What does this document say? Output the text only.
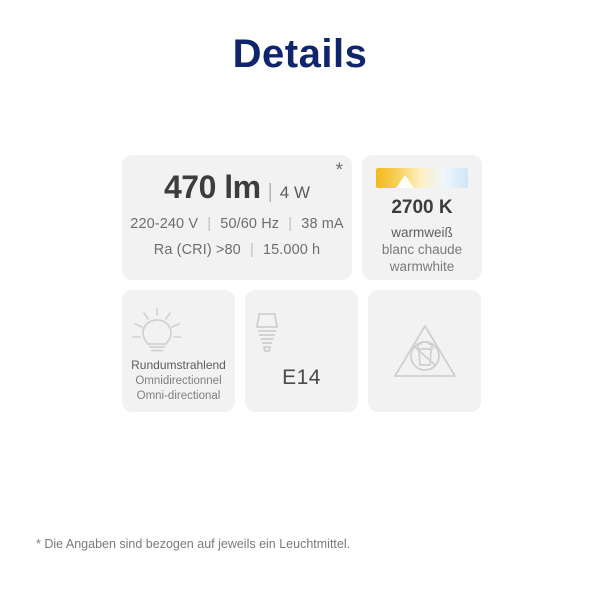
Details
*
470 lm | 4 W
220-240 V | 50/60 Hz | 38 mA
Ra (CRI) >80 | 15.000 h
2700 K
warmweiß
blanc chaude
warmwhite
Rundumstrahlend
Omnidirectionnel
Omni-directional
E14
* Die Angaben sind bezogen auf jeweils ein Leuchtmittel.
